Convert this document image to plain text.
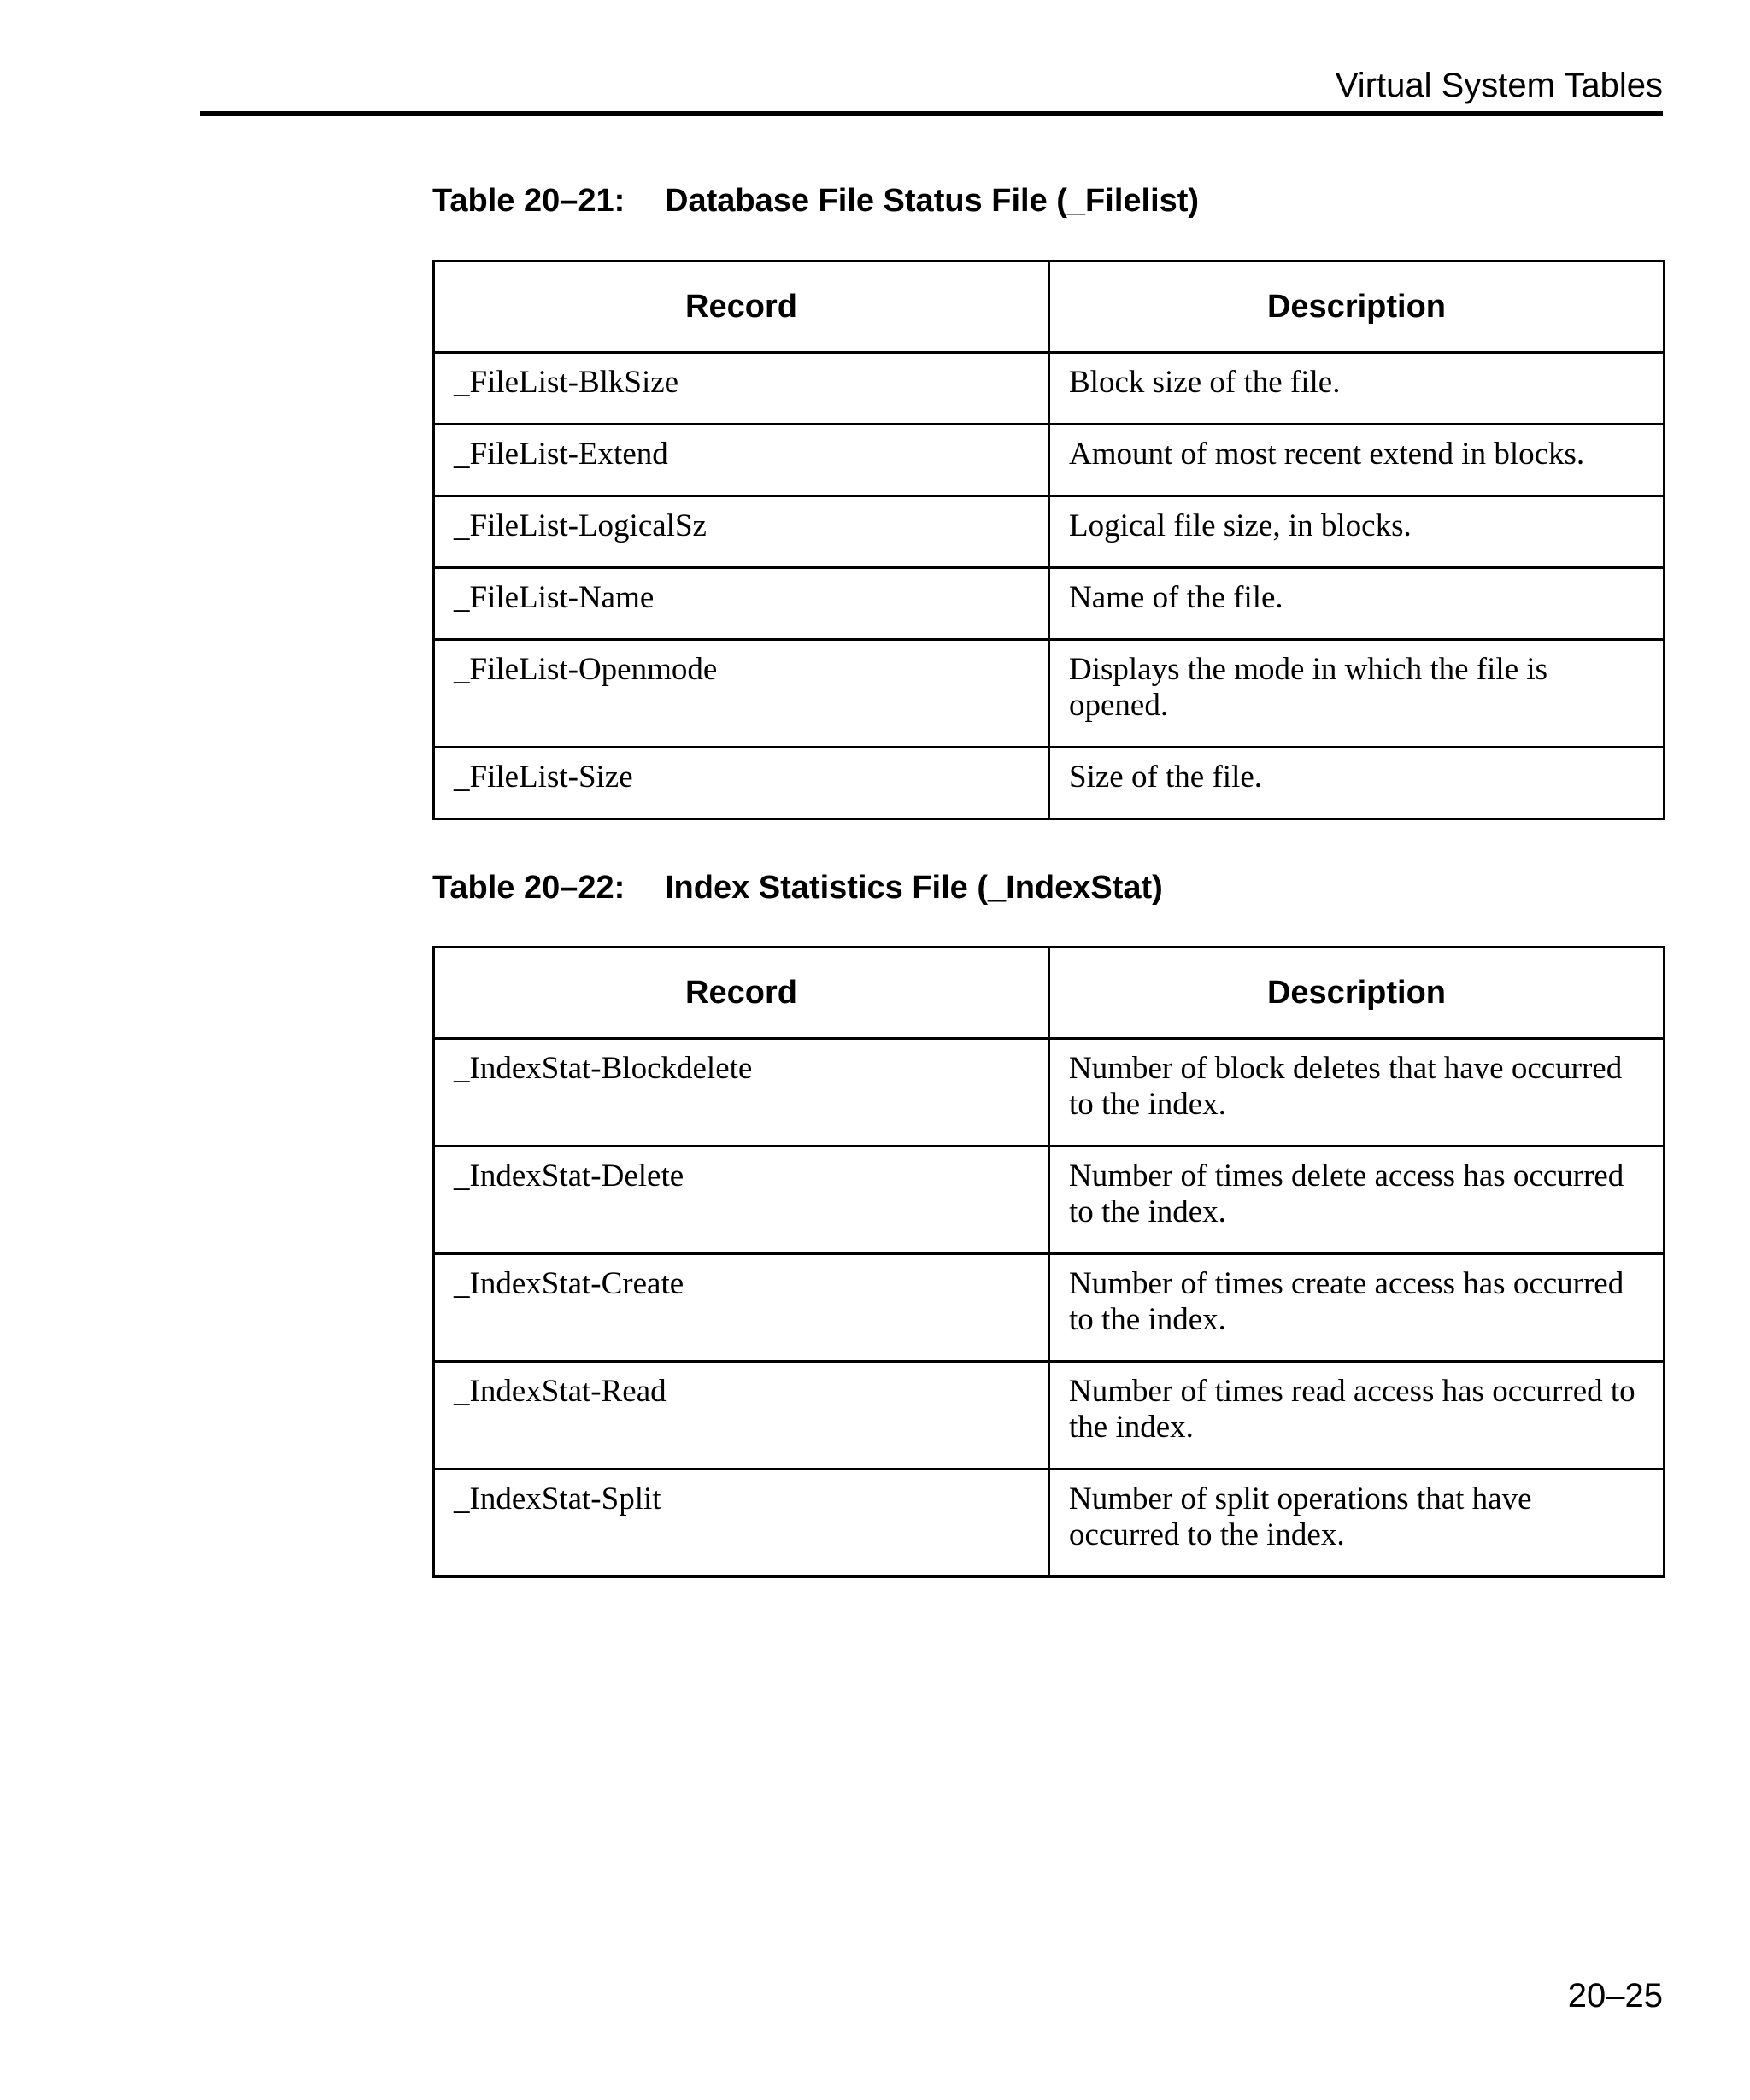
Virtual System Tables
Table 20–21: Database File Status File (_Filelist)
Record	Description
_FileList-BlkSize	Block size of the file.
_FileList-Extend	Amount of most recent extend in blocks.
_FileList-LogicalSz	Logical file size, in blocks.
_FileList-Name	Name of the file.
_FileList-Openmode	Displays the mode in which the file is opened.
_FileList-Size	Size of the file.
Table 20–22: Index Statistics File (_IndexStat)
Record	Description
_IndexStat-Blockdelete	Number of block deletes that have occurred to the index.
_IndexStat-Delete	Number of times delete access has occurred to the index.
_IndexStat-Create	Number of times create access has occurred to the index.
_IndexStat-Read	Number of times read access has occurred to the index.
_IndexStat-Split	Number of split operations that have occurred to the index.
20–25
